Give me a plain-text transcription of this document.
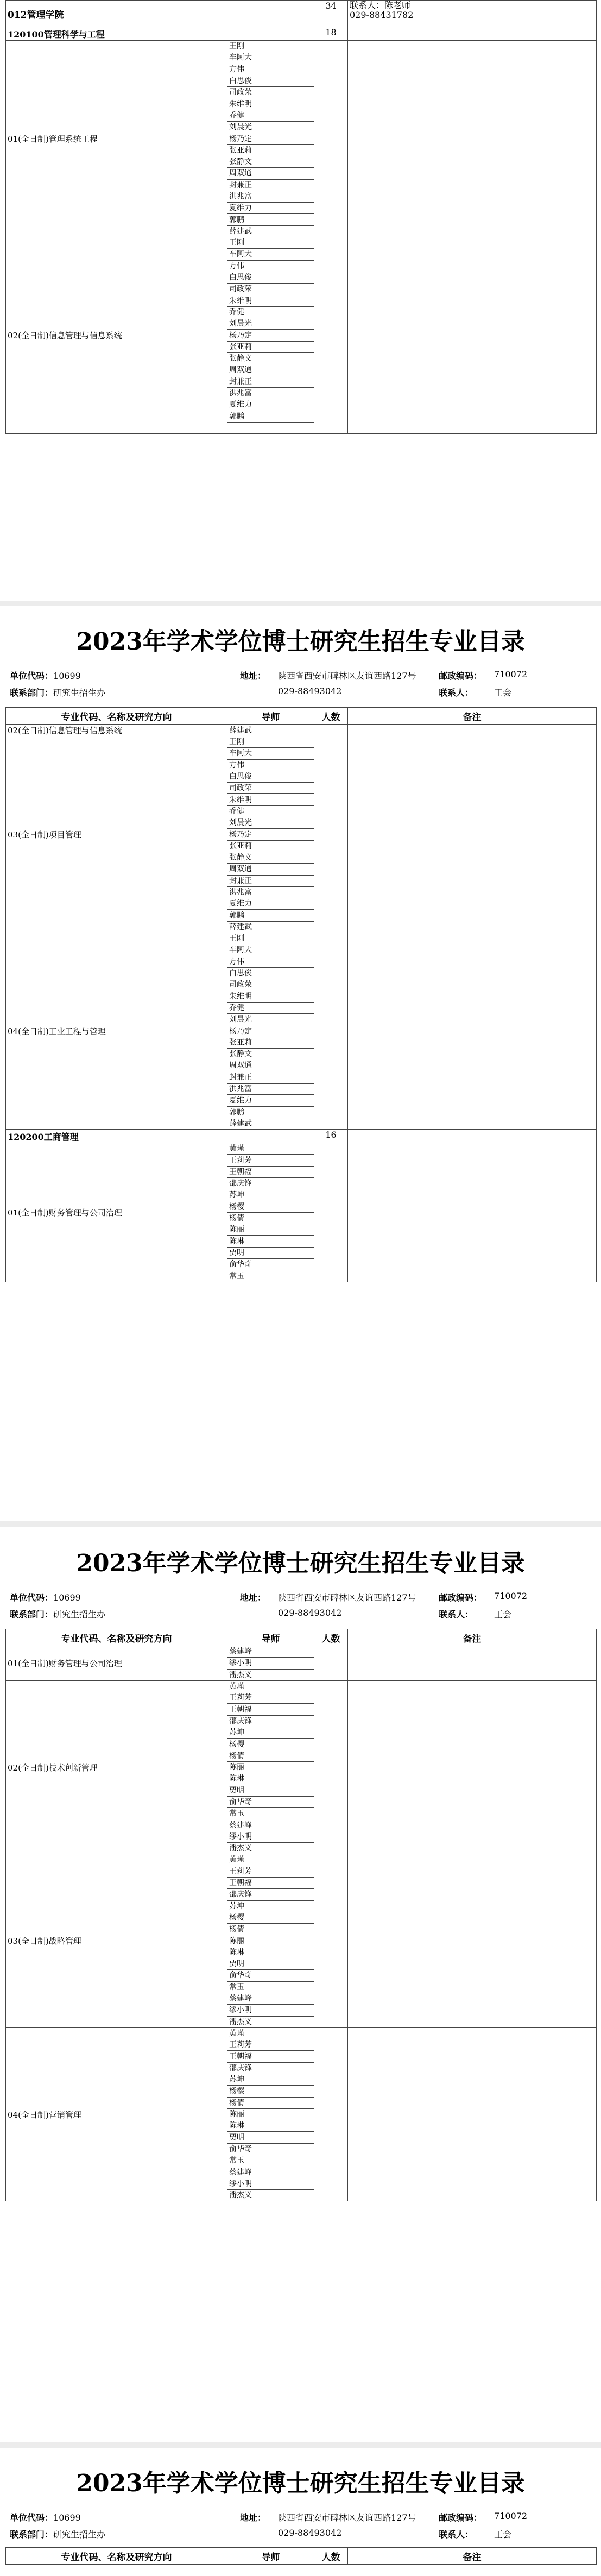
012管理学院		34	联系人：陈老师
029-88431782

120100管理科学与工程		18	
01(全日制)管理系统工程	王刚		
	车阿大		
	方伟		
	白思俊		
	司政荣		
	朱维明		
	乔健		
	刘晨光		
	杨乃定		
	张亚莉		
	张静文		
	周双通		
	封兼正		
	洪兆富		
	夏维力		
	郭鹏		
	薛建武		
02(全日制)信息管理与信息系统	王刚		
	车阿大		
	方伟		
	白思俊		
	司政荣		
	朱维明		
	乔健		
	刘晨光		
	杨乃定		
	张亚莉		
	张静文		
	周双通		
	封兼正		
	洪兆富		
	夏维力		
	郭鹏		

2023年学术学位博士研究生招生专业目录
单位代码：10699	地址： 陕西省西安市碑林区友谊西路127号	邮政编码： 710072
联系部门：研究生招生办	029-88493042	联系人： 王会
专业代码、名称及研究方向	导师	人数	备注
02(全日制)信息管理与信息系统	薛建武		
03(全日制)项目管理	王刚		
	车阿大		
	方伟		
	白思俊		
	司政荣		
	朱维明		
	乔健		
	刘晨光		
	杨乃定		
	张亚莉		
	张静文		
	周双通		
	封兼正		
	洪兆富		
	夏维力		
	郭鹏		
	薛建武		
04(全日制)工业工程与管理	王刚		
	车阿大		
	方伟		
	白思俊		
	司政荣		
	朱维明		
	乔健		
	刘晨光		
	杨乃定		
	张亚莉		
	张静文		
	周双通		
	封兼正		
	洪兆富		
	夏维力		
	郭鹏		
	薛建武		
120200工商管理		16	
01(全日制)财务管理与公司治理	黄瑾		
	王莉芳		
	王朝福		
	邵庆锋		
	苏坤		
	杨樱		
	杨倩		
	陈丽		
	陈琳		
	贾明		
	俞华奇		
	常玉		
2023年学术学位博士研究生招生专业目录
单位代码：10699	地址： 陕西省西安市碑林区友谊西路127号	邮政编码： 710072
联系部门：研究生招生办	029-88493042	联系人： 王会
专业代码、名称及研究方向	导师	人数	备注
01(全日制)财务管理与公司治理	蔡建峰		
	缪小明		
	潘杰义		
02(全日制)技术创新管理	黄瑾		
	王莉芳		
	王朝福		
	邵庆锋		
	苏坤		
	杨樱		
	杨倩		
	陈丽		
	陈琳		
	贾明		
	俞华奇		
	常玉		
	蔡建峰		
	缪小明		
	潘杰义		
03(全日制)战略管理	黄瑾		
	王莉芳		
	王朝福		
	邵庆锋		
	苏坤		
	杨樱		
	杨倩		
	陈丽		
	陈琳		
	贾明		
	俞华奇		
	常玉		
	蔡建峰		
	缪小明		
	潘杰义		
04(全日制)营销管理	黄瑾		
	王莉芳		
	王朝福		
	邵庆锋		
	苏坤		
	杨樱		
	杨倩		
	陈丽		
	陈琳		
	贾明		
	俞华奇		
	常玉		
	蔡建峰		
	缪小明		
	潘杰义		
2023年学术学位博士研究生招生专业目录
单位代码：10699	地址： 陕西省西安市碑林区友谊西路127号	邮政编码： 710072
联系部门：研究生招生办	029-88493042	联系人： 王会
专业代码、名称及研究方向	导师	人数	备注
